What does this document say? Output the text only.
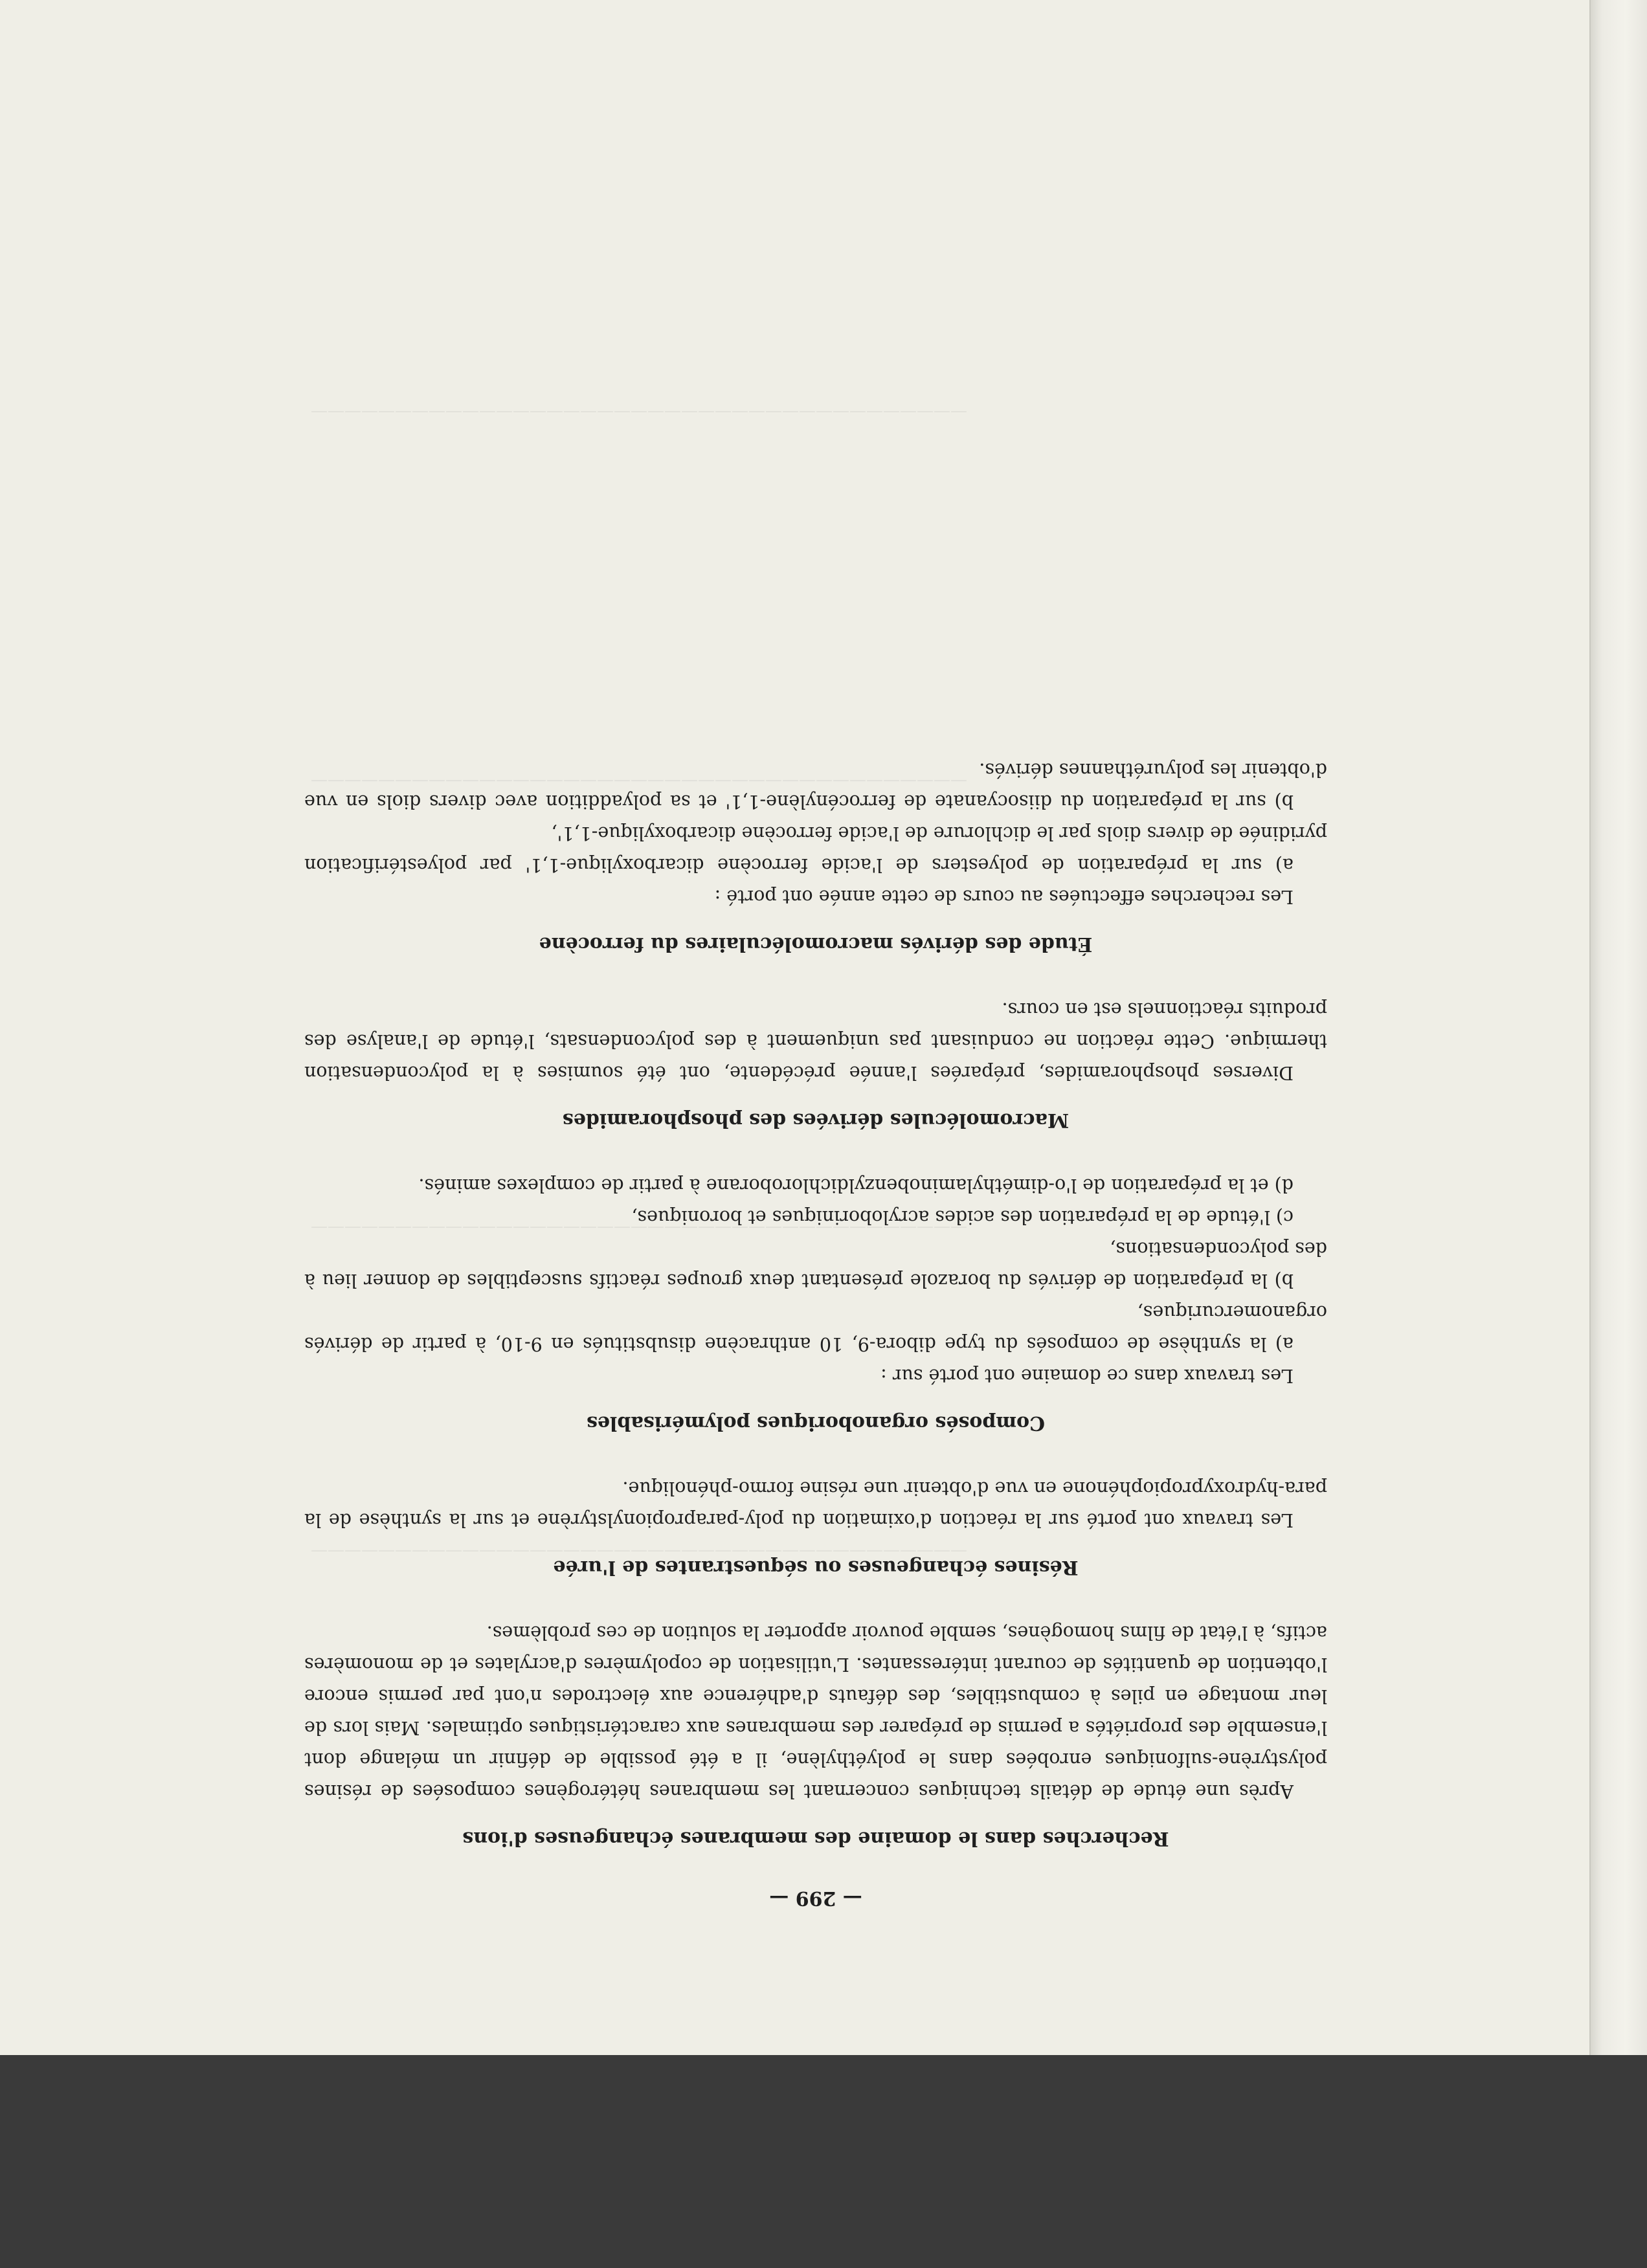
———————————————————————————————————————
———————————————————————————————————————
———————————————————————————————————————
———————————————————————————————————————
— 299 —
Recherches dans le domaine des membranes échangeuses d'ions

Après une étude de détails techniques concernant les membranes hétérogènes composées de résines polystyrène-sulfoniques enrobées dans le polyéthylène, il a été possible de définir un mélange dont l'ensemble des propriétés a permis de préparer des membranes aux caractéristiques optimales. Mais lors de leur montage en piles à combustibles, des défauts d'adhérence aux électrodes n'ont par permis encore l'obtention de quantités de courant intéressantes. L'utilisation de copolymères d'acrylates et de monomères actifs, à l'état de films homogènes, semble pouvoir apporter la solution de ces problèmes.

Résines échangeuses ou séquestrantes de l'urée

Les travaux ont porté sur la réaction d'oximation du poly-parapropionylstyrène et sur la synthèse de la para-hydroxypropiophénone en vue d'obtenir une résine formo-phénolique.

Composés organoboriques polymérisables

Les travaux dans ce domaine ont porté sur :

a) la synthèse de composés du type dibora-9, 10 anthracène disubstitués en 9-10, à partir de dérivés organomercuriques,

b) la préparation de dérivés du borazole présentant deux groupes réactifs susceptibles de donner lieu à des polycondensations,

c) l'étude de la préparation des acides acryloboriniques et boroniques,

d) et la préparation de l'o-diméthylaminobenzyldichloroborane à partir de complexes aminés.

Macromolécules dérivées des phosphoramides

Diverses phosphoramides, préparées l'année précédente, ont été soumises à la polycondensation thermique. Cette réaction ne conduisant pas uniquement à des polycondensats, l'étude de l'analyse des produits réactionnels est en cours.

Étude des dérivés macromoléculaires du ferrocène

Les recherches effectuées au cours de cette année ont porté :

a) sur la préparation de polyesters de l'acide ferrocène dicarboxylique-1,1' par polyestérification pyridinée de divers diols par le dichlorure de l'acide ferrocène dicarboxylique-1,1',

b) sur la préparation du diisocyanate de ferrocénylène-1,1' et sa polyaddition avec divers diols en vue d'obtenir les polyuréthannes dérivés.
